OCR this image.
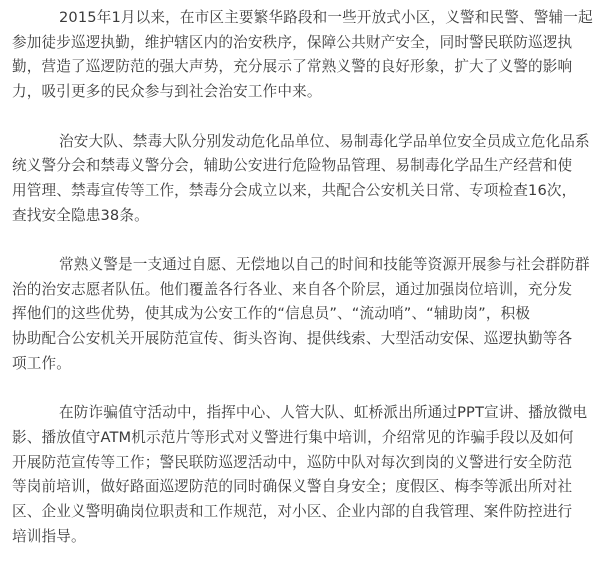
2015年1月以来，在市区主要繁华路段和一些开放式小区，义警和民警、警辅一起
参加徒步巡逻执勤，维护辖区内的治安秩序，保障公共财产安全，同时警民联防巡逻执
勤，营造了巡逻防范的强大声势，充分展示了常熟义警的良好形象，扩大了义警的影响
力，吸引更多的民众参与到社会治安工作中来。
治安大队、禁毒大队分别发动危化品单位、易制毒化学品单位安全员成立危化品系
统义警分会和禁毒义警分会，辅助公安进行危险物品管理、易制毒化学品生产经营和使
用管理、禁毒宣传等工作，禁毒分会成立以来，共配合公安机关日常、专项检查16次，
查找安全隐患38条。
常熟义警是一支通过自愿、无偿地以自己的时间和技能等资源开展参与社会群防群
治的治安志愿者队伍。他们覆盖各行各业、来自各个阶层，通过加强岗位培训，充分发
挥他们的这些优势，使其成为公安工作的“信息员”、“流动哨”、“辅助岗”，积极
协助配合公安机关开展防范宣传、街头咨询、提供线索、大型活动安保、巡逻执勤等各
项工作。
在防诈骗值守活动中，指挥中心、人管大队、虹桥派出所通过PPT宣讲、播放微电
影、播放值守ATM机示范片等形式对义警进行集中培训，介绍常见的诈骗手段以及如何
开展防范宣传等工作；警民联防巡逻活动中，巡防中队对每次到岗的义警进行安全防范
等岗前培训，做好路面巡逻防范的同时确保义警自身安全；度假区、梅李等派出所对社
区、企业义警明确岗位职责和工作规范，对小区、企业内部的自我管理、案件防控进行
培训指导。
